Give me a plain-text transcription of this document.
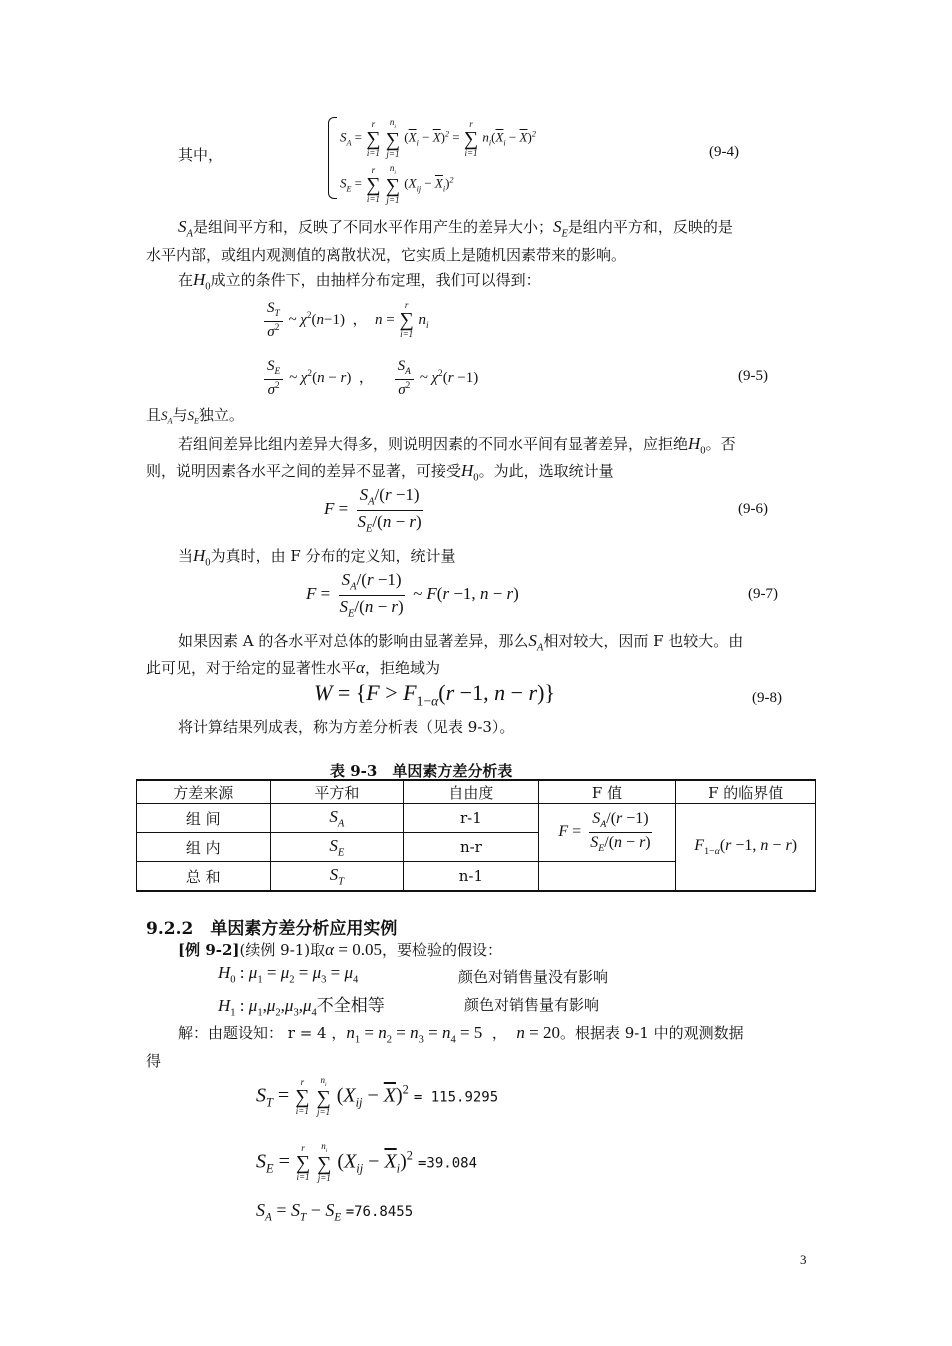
其中，
$S_A$ =
r
∑
i=1

$n_i$
∑
j=1
$(\overline{X}_i - \overline{X})^2$ =
r
∑
i=1
$n_i(\overline{X}_i - \overline{X})^2$
$S_E$ =
r
∑
i=1

$n_i$
∑
j=1
$(X_{ij} - \overline{X}_i)^2$
(9-4)
$S_A$是组间平方和，反映了不同水平作用产生的差异大小；$S_E$是组内平方和，反映的是
水平内部，或组内观测值的离散状况，它实质上是随机因素带来的影响。
在$H_0$成立的条件下，由抽样分布定理，我们可以得到：
$\frac{S_T}{\sigma^2}$ ~ $\chi^2(n-1)$  ，  n =
r
∑
i=1
$n_i$
$\frac{S_E}{\sigma^2}$ ~ $\chi^2(n - r)$  ， $\frac{S_A}{\sigma^2}$ ~ $\chi^2(r -1)$	(9-5)
且$S_A$与$S_E$独立。
若组间差异比组内差异大得多，则说明因素的不同水平间有显著差异，应拒绝$H_0$。否
则，说明因素各水平之间的差异不显著，可接受$H_0$。为此，选取统计量
$F = \frac{S_A/(r -1)}{S_E/(n - r)}$	(9-6)
当$H_0$为真时，由 F 分布的定义知，统计量
$F = \frac{S_A/(r -1)}{S_E/(n - r)}$ ~ F(r −1, n − r)	(9-7)
如果因素 A 的各水平对总体的影响由显著差异，那么$S_A$相对较大，因而 F 也较大。由
此可见，对于给定的显著性水平α，拒绝域为
$W = \{F > F_{1-\alpha}(r -1$, n − r)}	(9-8)
将计算结果列成表，称为方差分析表（见表 9-3）。
表 9-3　单因素方差分析表
方差来源	平方和	自由度	F 值	F 的临界值
组 间	$S_A$	r-1	$F = \frac{S_A/(r -1)}{S_E/(n - r)}$	$F_{1-\alpha}(r -1$, n − r)
组 内	$S_E$	n-r		
总 和	$S_T$	n-1		
9.2.2　单因素方差分析应用实例
[例 9-2](续例 9-1)取α = 0.05，要检验的假设：
$H_0$ : $\mu_1 = \mu_2 = \mu_3 = \mu_4$	颜色对销售量没有影响
$H_1$ : $\mu_1,\mu_2,\mu_3,\mu_4$不全相等	颜色对销售量有影响
解：由题设知： r = 4 ，$n_1 = n_2 = n_3 = n_4 = 5$  ，  n = 20。根据表 9-1 中的观测数据
得
$S_T$ =
r
∑
i=1

$n_i$
∑
j=1
$(X_{ij} - \overline{X})^2 = 115.9295$
$S_E$ =
r
∑
i=1

$n_i$
∑
j=1
$(X_{ij} - \overline{X}_i)^2 =39.084$
$S_A = S_T - S_E =76.8455$
3
